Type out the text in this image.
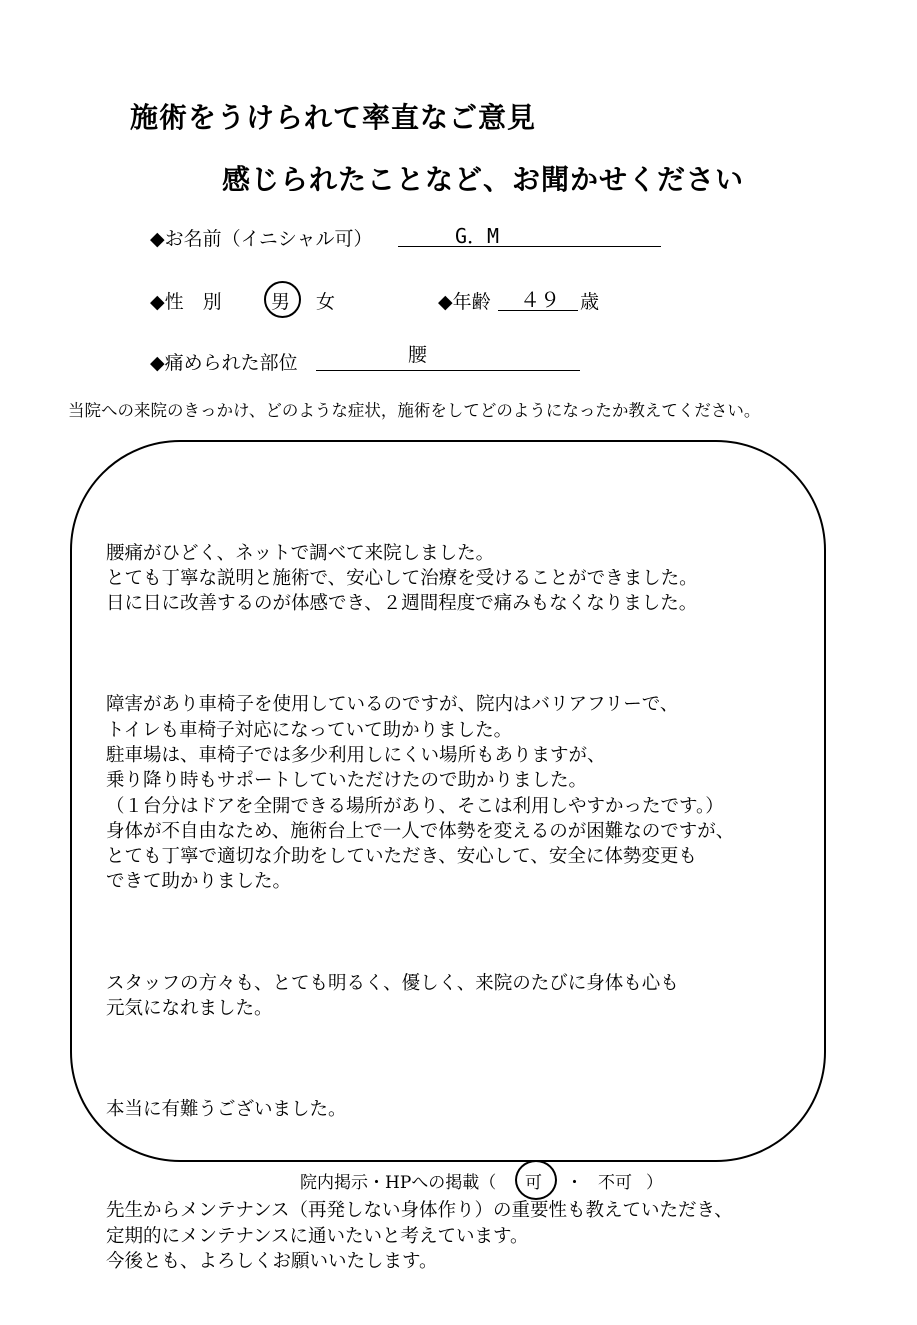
施術をうけられて率直なご意見
感じられたことなど、お聞かせください
◆お名前（イニシャル可）	G．M
◆性　別	男 女	◆年齢 ４９ 歳
◆痛められた部位	腰
当院への来院のきっかけ、どのような症状，施術をしてどのようになったか教えてください。

腰痛がひどく、ネットで調べて来院しました。
とても丁寧な説明と施術で、安心して治療を受けることができました。
日に日に改善するのが体感でき、２週間程度で痛みもなくなりました。

障害があり車椅子を使用しているのですが、院内はバリアフリーで、
トイレも車椅子対応になっていて助かりました。
駐車場は、車椅子では多少利用しにくい場所もありますが、
乗り降り時もサポートしていただけたので助かりました。
（１台分はドアを全開できる場所があり、そこは利用しやすかったです。）
身体が不自由なため、施術台上で一人で体勢を変えるのが困難なのですが、
とても丁寧で適切な介助をしていただき、安心して、安全に体勢変更も
できて助かりました。

スタッフの方々も、とても明るく、優しく、来院のたびに身体も心も
元気になれました。

本当に有難うございました。

先生からメンテナンス（再発しない身体作り）の重要性も教えていただき、
定期的にメンテナンスに通いたいと考えています。
今後とも、よろしくお願いいたします。

院内掲示・HPへの掲載（ 可 ・ 不可 ）
